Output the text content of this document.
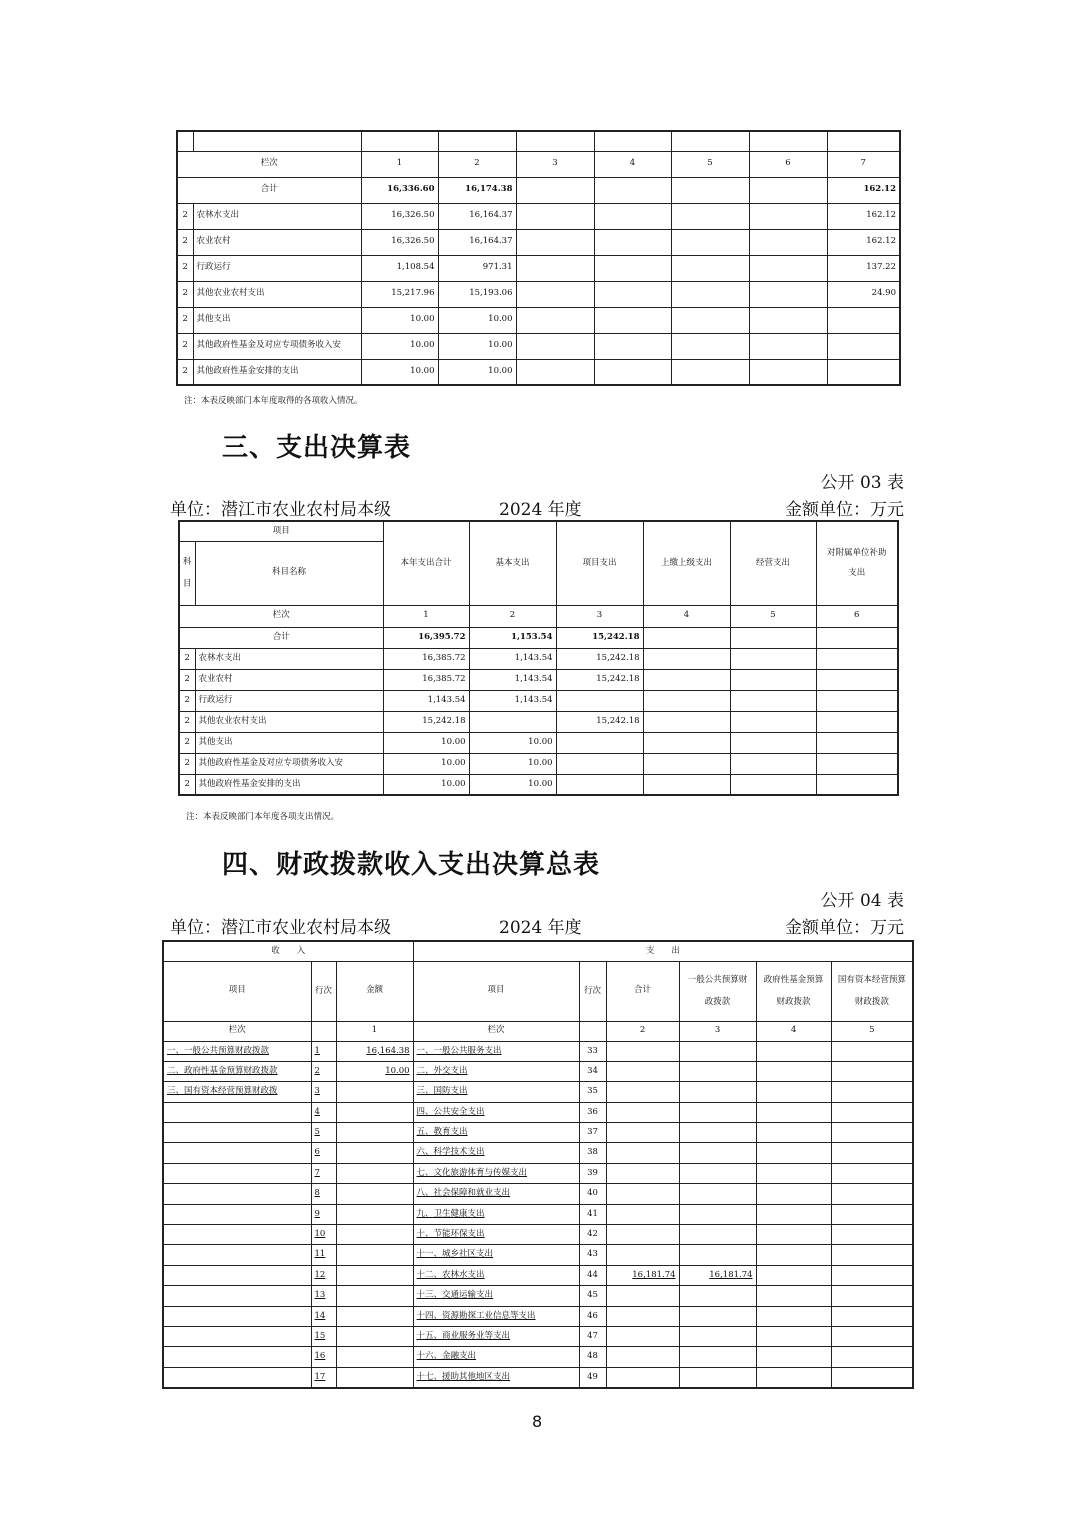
栏次		1	2	3	4	5	6	7
合计		16,336.60	16,174.38					162.12
2	农林水支出	16,326.50	16,164.37					162.12
2	农业农村	16,326.50	16,164.37					162.12
2	行政运行	1,108.54	971.31					137.22
2	其他农业农村支出	15,217.96	15,193.06					24.90
2	其他支出	10.00	10.00					
2	其他政府性基金及对应专项债务收入安	10.00	10.00					
2	其他政府性基金安排的支出	10.00	10.00					
注：本表反映部门本年度取得的各项收入情况。
三、支出决算表
公开 03 表
单位：潜江市农业农村局本级	2024 年度	金额单位：万元
项目		本年支出合计	基本支出	项目支出	上缴上级支出	经营支出	对附属单位补助支出
科
目	科目名称						
栏次		1	2	3	4	5	6
合计		16,395.72	1,153.54	15,242.18			
2	农林水支出	16,385.72	1,143.54	15,242.18			
2	农业农村	16,385.72	1,143.54	15,242.18			
2	行政运行	1,143.54	1,143.54				
2	其他农业农村支出	15,242.18		15,242.18			
2	其他支出	10.00	10.00				
2	其他政府性基金及对应专项债务收入安	10.00	10.00				
2	其他政府性基金安排的支出	10.00	10.00				
注：本表反映部门本年度各项支出情况。
四、财政拨款收入支出决算总表
公开 04 表
单位：潜江市农业农村局本级	2024 年度	金额单位：万元
收　　入			支　　出					
项目	行次	金额	项目	行次	合计	一般公共预算财政拨款	政府性基金预算财政拨款	国有资本经营预算财政拨款
栏次		1	栏次		2	3	4	5
一、一般公共预算财政拨款	1	16,164.38	一、一般公共服务支出	33				
二、政府性基金预算财政拨款	2	10.00	二、外交支出	34				
三、国有资本经营预算财政拨	3		三、国防支出	35				
	4		四、公共安全支出	36				
	5		五、教育支出	37				
	6		六、科学技术支出	38				
	7		七、文化旅游体育与传媒支出	39				
	8		八、社会保障和就业支出	40				
	9		九、卫生健康支出	41				
	10		十、节能环保支出	42				
	11		十一、城乡社区支出	43				
	12		十二、农林水支出	44	16,181.74	16,181.74		
	13		十三、交通运输支出	45				
	14		十四、资源勘探工业信息等支出	46				
	15		十五、商业服务业等支出	47				
	16		十六、金融支出	48				
	17		十七、援助其他地区支出	49				
8
